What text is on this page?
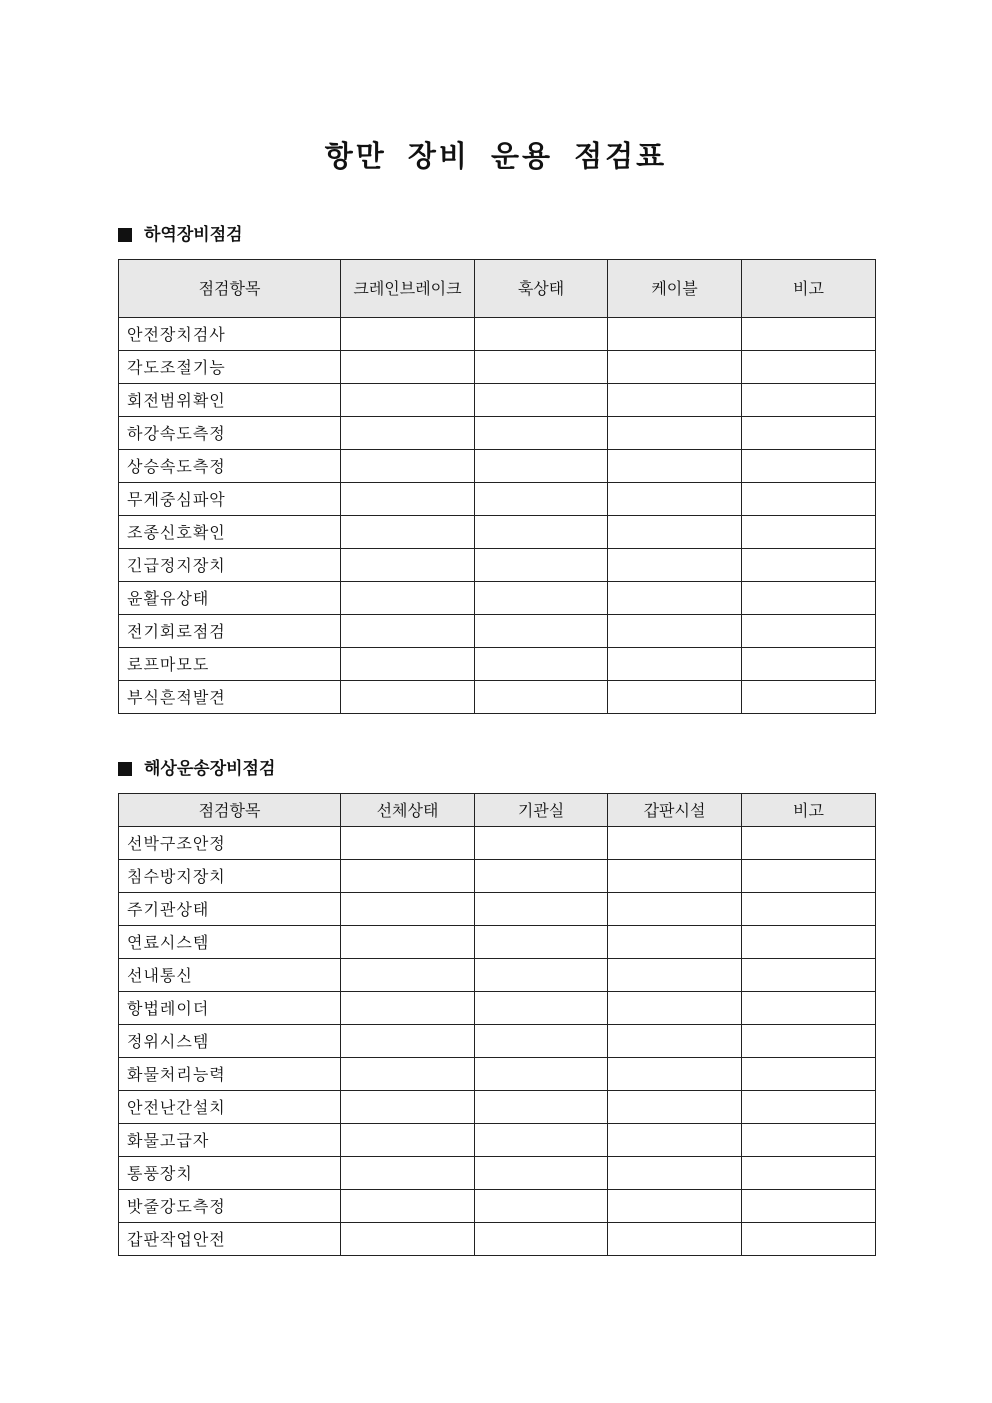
항만 장비 운용 점검표
하역장비점검
점검항목	크레인브레이크	훅상태	케이블	비고
안전장치검사				
각도조절기능				
회전범위확인				
하강속도측정				
상승속도측정				
무게중심파악				
조종신호확인				
긴급정지장치				
윤활유상태				
전기회로점검				
로프마모도				
부식흔적발견				
해상운송장비점검
점검항목	선체상태	기관실	갑판시설	비고
선박구조안정				
침수방지장치				
주기관상태				
연료시스템				
선내통신				
항법레이더				
정위시스템				
화물처리능력				
안전난간설치				
화물고급자				
통풍장치				
밧줄강도측정				
갑판작업안전				
